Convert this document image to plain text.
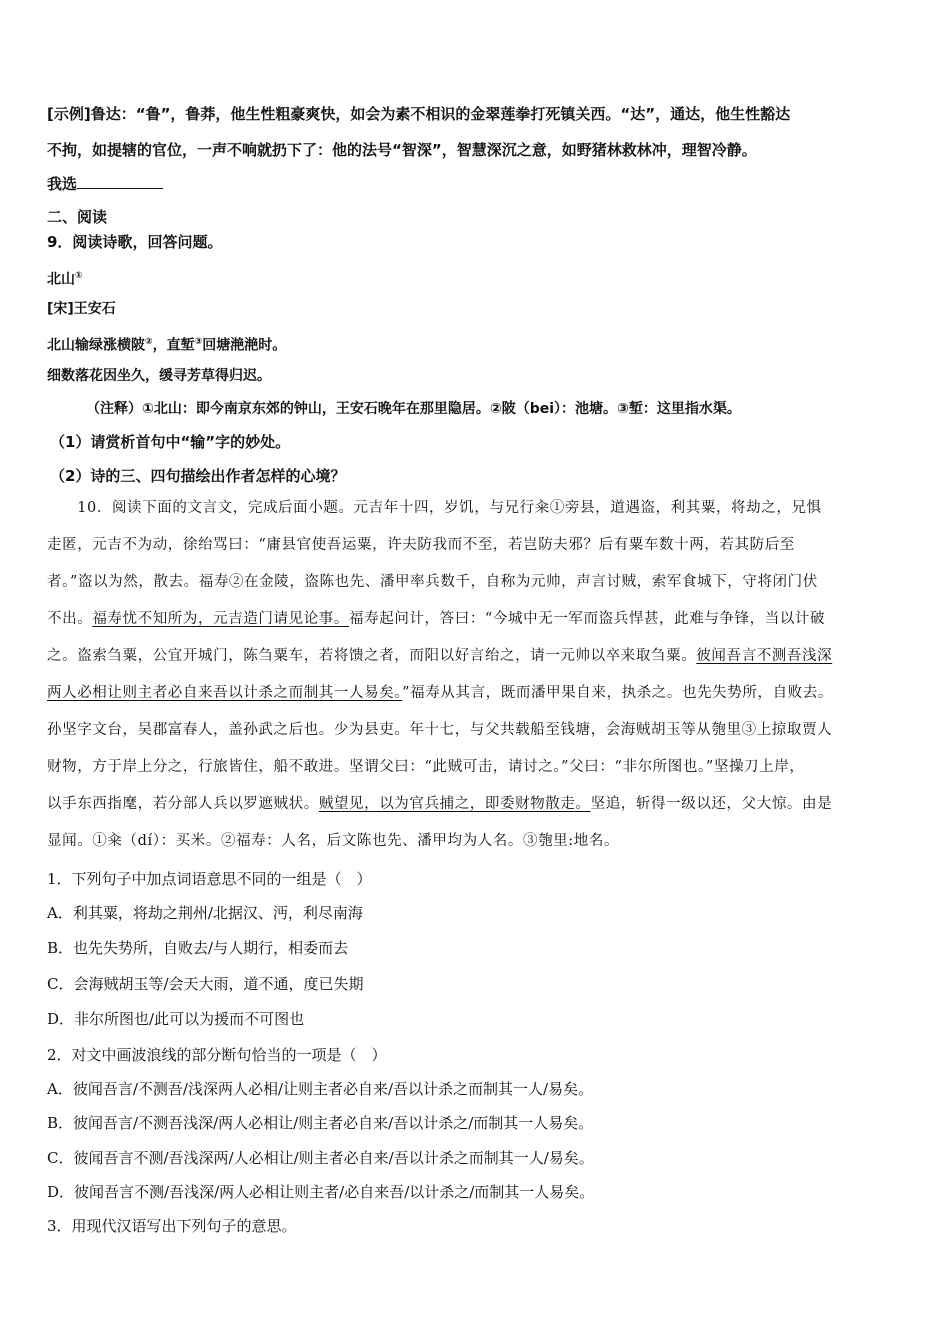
[示例]鲁达：“鲁”，鲁莽，他生性粗豪爽快，如会为素不相识的金翠莲拳打死镇关西。“达”，通达，他生性豁达
不拘，如提辖的官位，一声不响就扔下了：他的法号“智深”，智慧深沉之意，如野猪林救林冲，理智冷静。
我选
二、阅读
9．阅读诗歌，回答问题。
北山①
[宋]王安石
北山输绿涨横陂②，直堑③回塘滟滟时。
细数落花因坐久，缓寻芳草得归迟。
（注释）①北山：即今南京东郊的钟山，王安石晚年在那里隐居。②陂（bei）：池塘。③堑：这里指水渠。
（1）请赏析首句中“输”字的妙处。
（2）诗的三、四句描绘出作者怎样的心境？
　　10．阅读下面的文言文，完成后面小题。元吉年十四，岁饥，与兄行籴①旁县，道遇盗，利其粟，将劫之，兄惧
走匿，元吉不为动，徐绐骂曰：“庸县官使吾运粟，许夫防我而不至，若岂防夫邪？后有粟车数十两，若其防后至
者。”盗以为然，散去。福寿②在金陵，盗陈也先、潘甲率兵数千，自称为元帅，声言讨贼，索军食城下，守将闭门伏
不出。福寿忧不知所为，元吉造门请见论事。福寿起问计，答曰：“今城中无一军而盗兵悍甚，此难与争锋，当以计破
之。盗索刍粟，公宜开城门，陈刍粟车，若将馈之者，而阳以好言绐之，请一元帅以卒来取刍粟。彼闻吾言不测吾浅深
两人必相让则主者必自来吾以计杀之而制其一人易矣。”福寿从其言，既而潘甲果自来，执杀之。也先失势所，自败去。
孙坚字文台，吴郡富春人，盖孙武之后也。少为县吏。年十七，与父共载船至钱塘，会海贼胡玉等从匏里③上掠取贾人
财物，方于岸上分之，行旅皆住，船不敢进。坚谓父曰：“此贼可击，请讨之。”父曰：“非尔所图也。”坚操刀上岸，
以手东西指麾，若分部人兵以罗遮贼状。贼望见，以为官兵捕之，即委财物散走。坚追，斩得一级以还，父大惊。由是
显闻。①籴（dí）：买米。②福寿：人名，后文陈也先、潘甲均为人名。③匏里:地名。
1．下列句子中加点词语意思不同的一组是（　）
A．利其粟，将劫之荆州/北据汉、沔，利尽南海
B．也先失势所，自败去/与人期行，相委而去
C．会海贼胡玉等/会天大雨，道不通，度已失期
D．非尔所图也/此可以为援而不可图也
2．对文中画波浪线的部分断句恰当的一项是（　）
A．彼闻吾言/不测吾/浅深两人必相/让则主者必自来/吾以计杀之而制其一人/易矣。
B．彼闻吾言/不测吾浅深/两人必相让/则主者必自来/吾以计杀之/而制其一人易矣。
C．彼闻吾言不测/吾浅深两/人必相让/则主者必自来/吾以计杀之而制其一人/易矣。
D．彼闻吾言不测/吾浅深/两人必相让则主者/必自来吾/以计杀之/而制其一人易矣。
3．用现代汉语写出下列句子的意思。
